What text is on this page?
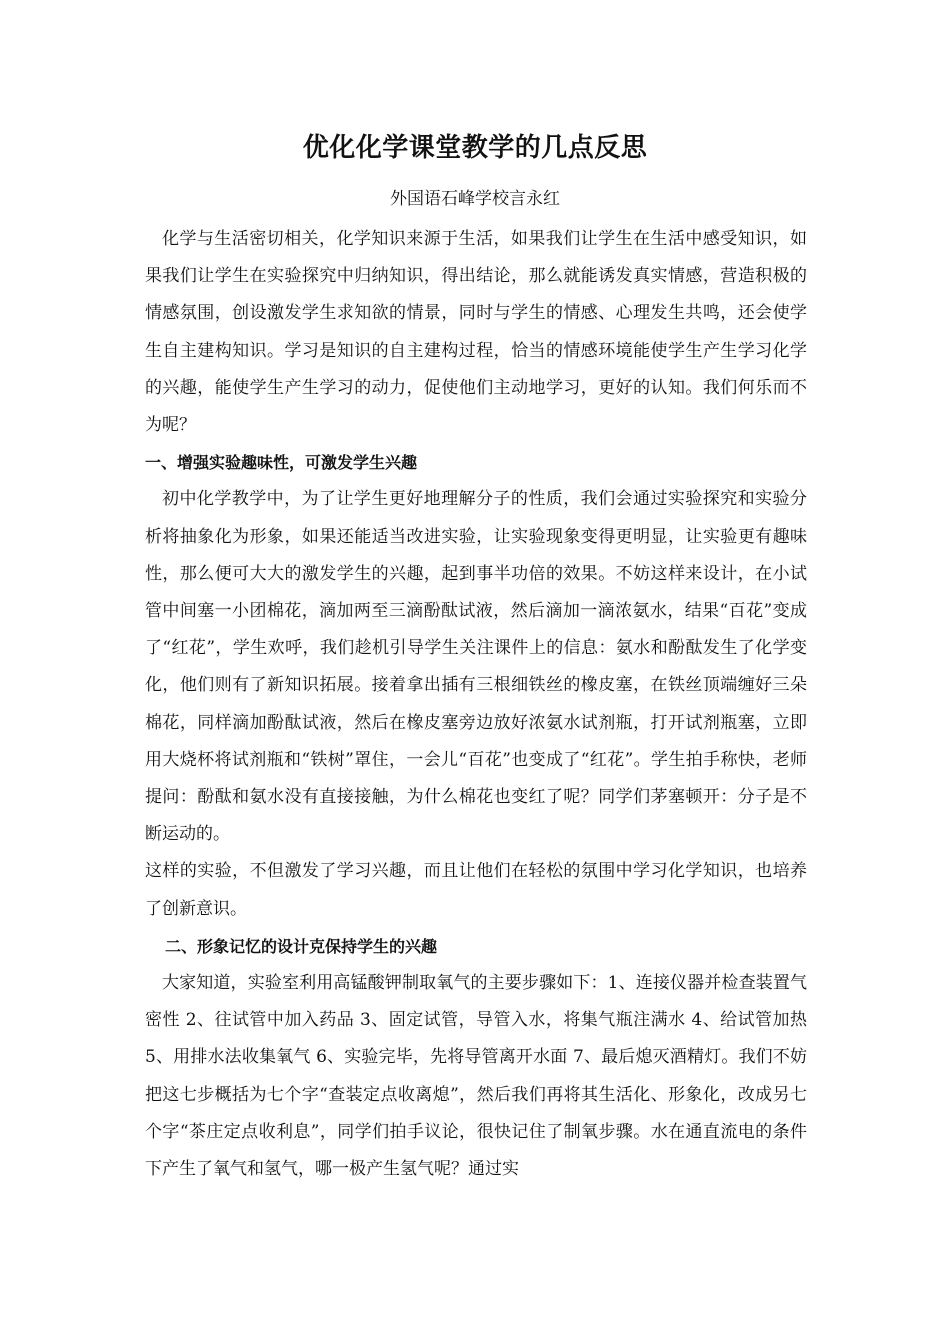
优化化学课堂教学的几点反思
外国语石峰学校言永红

化学与生活密切相关，化学知识来源于生活，如果我们让学生在生活中感受知识，如果我们让学生在实验探究中归纳知识，得出结论，那么就能诱发真实情感，营造积极的情感氛围，创设激发学生求知欲的情景，同时与学生的情感、心理发生共鸣，还会使学生自主建构知识。学习是知识的自主建构过程，恰当的情感环境能使学生产生学习化学的兴趣，能使学生产生学习的动力，促使他们主动地学习，更好的认知。我们何乐而不为呢？

一、增强实验趣味性，可激发学生兴趣

初中化学教学中，为了让学生更好地理解分子的性质，我们会通过实验探究和实验分析将抽象化为形象，如果还能适当改进实验，让实验现象变得更明显，让实验更有趣味性，那么便可大大的激发学生的兴趣，起到事半功倍的效果。不妨这样来设计，在小试管中间塞一小团棉花，滴加两至三滴酚酞试液，然后滴加一滴浓氨水，结果“百花”变成了“红花”，学生欢呼，我们趁机引导学生关注课件上的信息：氨水和酚酞发生了化学变化，他们则有了新知识拓展。接着拿出插有三根细铁丝的橡皮塞，在铁丝顶端缠好三朵棉花，同样滴加酚酞试液，然后在橡皮塞旁边放好浓氨水试剂瓶，打开试剂瓶塞，立即用大烧杯将试剂瓶和“铁树”罩住，一会儿“百花”也变成了“红花”。学生拍手称快，老师提问：酚酞和氨水没有直接接触，为什么棉花也变红了呢？同学们茅塞顿开：分子是不断运动的。

这样的实验，不但激发了学习兴趣，而且让他们在轻松的氛围中学习化学知识，也培养了创新意识。

二、形象记忆的设计克保持学生的兴趣

大家知道，实验室利用高锰酸钾制取氧气的主要步骤如下：1、连接仪器并检查装置气密性 2、往试管中加入药品 3、固定试管，导管入水，将集气瓶注满水 4、给试管加热 5、用排水法收集氧气 6、实验完毕，先将导管离开水面 7、最后熄灭酒精灯。我们不妨把这七步概括为七个字“查装定点收离熄”，然后我们再将其生活化、形象化，改成另七个字“茶庄定点收利息”，同学们拍手议论，很快记住了制氧步骤。水在通直流电的条件下产生了氧气和氢气，哪一极产生氢气呢？通过实
